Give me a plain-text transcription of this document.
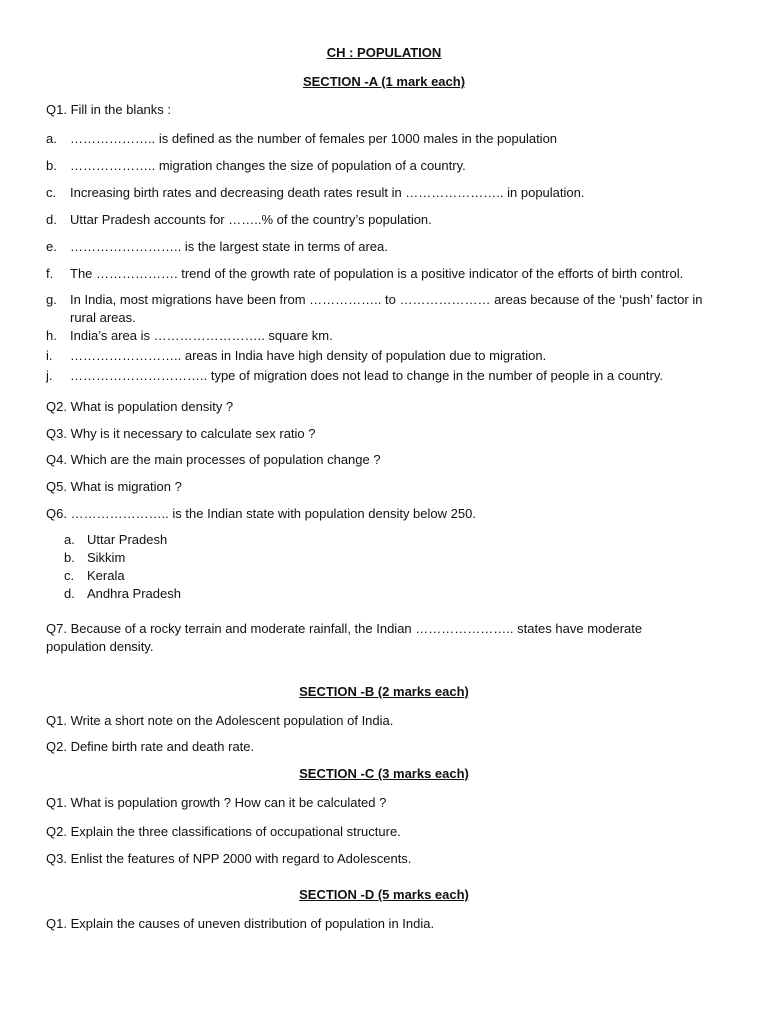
CH : POPULATION
SECTION -A (1 mark each)
Q1. Fill in the blanks :
a. ……………….. is defined as the number of females per 1000 males in the population
b. ……………….. migration changes the size of population of a country.
c. Increasing birth rates and decreasing death rates result in ………………….. in population.
d. Uttar Pradesh accounts for ……..% of the country’s population.
e. …………………….. is the largest state in terms of area.
f. The ………………. trend of the growth rate of population is a positive indicator of the efforts of birth control.
g. In India, most migrations have been from …………….. to ………………… areas because of the ‘push’ factor in rural areas.
h. India’s area is …………………….. square km.
i. …………………….. areas in India have high density of population due to migration.
j. ………………………….. type of migration does not lead to change in the number of people in a country.
Q2. What is population density ?
Q3. Why is it necessary to calculate sex ratio ?
Q4. Which are the main processes of population change ?
Q5. What is migration ?
Q6. ………………….. is the Indian state with population density below 250.
a. Uttar Pradesh
b. Sikkim
c. Kerala
d. Andhra Pradesh
Q7. Because of a rocky terrain and moderate rainfall, the Indian ………………….. states have moderate population density.
SECTION -B (2 marks each)
Q1. Write a short note on the Adolescent population of India.
Q2. Define birth rate and death rate.
SECTION -C (3 marks each)
Q1. What is population growth ? How can it be calculated ?
Q2. Explain the three classifications of occupational structure.
Q3. Enlist the features of NPP 2000 with regard to Adolescents.
SECTION -D (5 marks each)
Q1. Explain the causes of uneven distribution of population in India.
